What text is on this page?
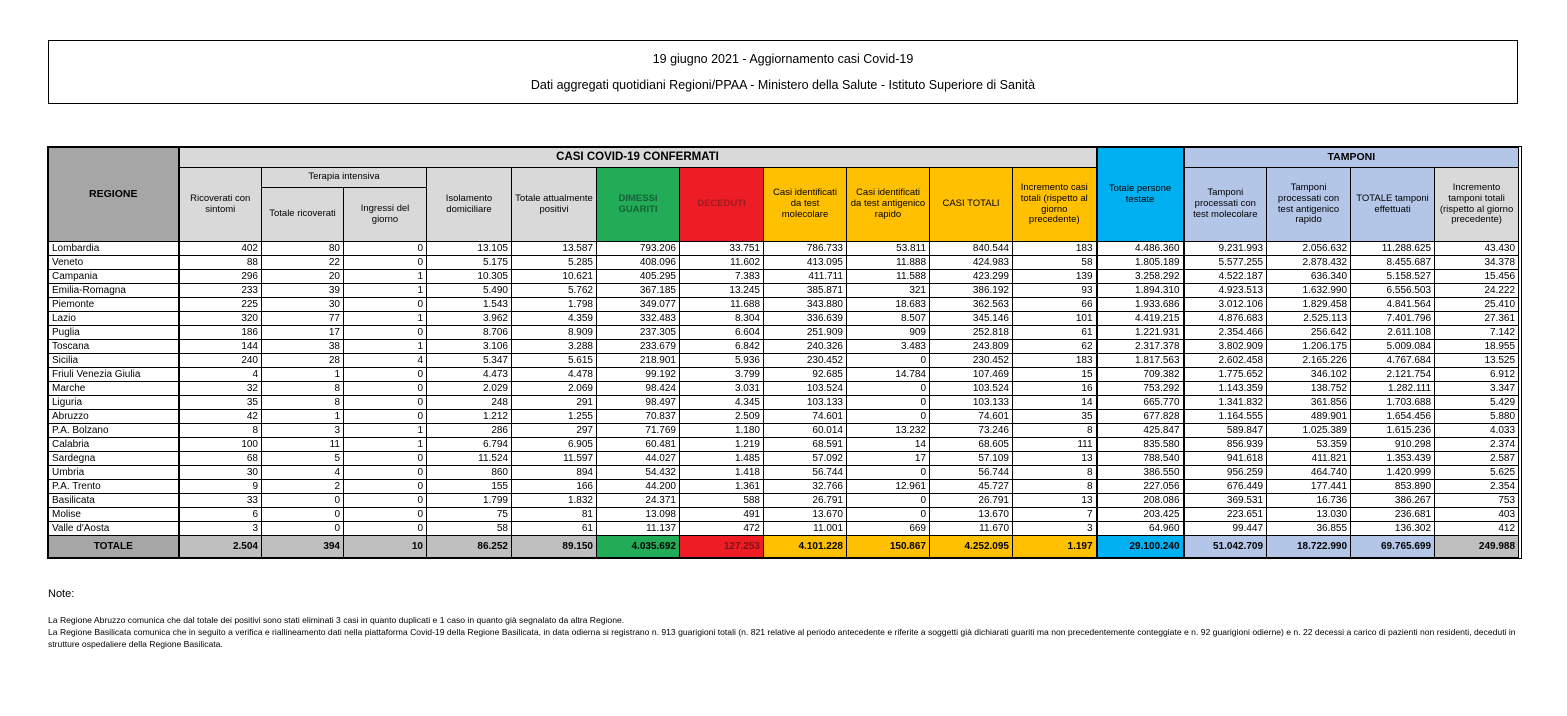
19 giugno 2021 - Aggiornamento casi Covid-19
Dati aggregati quotidiani Regioni/PPAA - Ministero della Salute - Istituto Superiore di Sanità
REGIONE	CASI COVID-19 CONFERMATI											Totale persone testate	TAMPONI			
	Ricoverati con sintomi	Terapia intensiva		Isolamento domiciliare	Totale attualmente positivi	DIMESSI GUARITI	DECEDUTI	Casi identificati da test molecolare	Casi identificati da test antigenico rapido	CASI TOTALI	Incremento casi totali (rispetto al giorno precedente)		Tamponi processati con test molecolare	Tamponi processati con test antigenico rapido	TOTALE tamponi effettuati	Incremento tamponi totali (rispetto al giorno precedente)
		Totale ricoverati	Ingressi del giorno													
Lombardia	402	80	0	13.105	13.587	793.206	33.751	786.733	53.811	840.544	183	4.486.360	9.231.993	2.056.632	11.288.625	43.430
Veneto	88	22	0	5.175	5.285	408.096	11.602	413.095	11.888	424.983	58	1.805.189	5.577.255	2.878.432	8.455.687	34.378
Campania	296	20	1	10.305	10.621	405.295	7.383	411.711	11.588	423.299	139	3.258.292	4.522.187	636.340	5.158.527	15.456
Emilia-Romagna	233	39	1	5.490	5.762	367.185	13.245	385.871	321	386.192	93	1.894.310	4.923.513	1.632.990	6.556.503	24.222
Piemonte	225	30	0	1.543	1.798	349.077	11.688	343.880	18.683	362.563	66	1.933.686	3.012.106	1.829.458	4.841.564	25.410
Lazio	320	77	1	3.962	4.359	332.483	8.304	336.639	8.507	345.146	101	4.419.215	4.876.683	2.525.113	7.401.796	27.361
Puglia	186	17	0	8.706	8.909	237.305	6.604	251.909	909	252.818	61	1.221.931	2.354.466	256.642	2.611.108	7.142
Toscana	144	38	1	3.106	3.288	233.679	6.842	240.326	3.483	243.809	62	2.317.378	3.802.909	1.206.175	5.009.084	18.955
Sicilia	240	28	4	5.347	5.615	218.901	5.936	230.452	0	230.452	183	1.817.563	2.602.458	2.165.226	4.767.684	13.525
Friuli Venezia Giulia	4	1	0	4.473	4.478	99.192	3.799	92.685	14.784	107.469	15	709.382	1.775.652	346.102	2.121.754	6.912
Marche	32	8	0	2.029	2.069	98.424	3.031	103.524	0	103.524	16	753.292	1.143.359	138.752	1.282.111	3.347
Liguria	35	8	0	248	291	98.497	4.345	103.133	0	103.133	14	665.770	1.341.832	361.856	1.703.688	5.429
Abruzzo	42	1	0	1.212	1.255	70.837	2.509	74.601	0	74.601	35	677.828	1.164.555	489.901	1.654.456	5.880
P.A. Bolzano	8	3	1	286	297	71.769	1.180	60.014	13.232	73.246	8	425.847	589.847	1.025.389	1.615.236	4.033
Calabria	100	11	1	6.794	6.905	60.481	1.219	68.591	14	68.605	111	835.580	856.939	53.359	910.298	2.374
Sardegna	68	5	0	11.524	11.597	44.027	1.485	57.092	17	57.109	13	788.540	941.618	411.821	1.353.439	2.587
Umbria	30	4	0	860	894	54.432	1.418	56.744	0	56.744	8	386.550	956.259	464.740	1.420.999	5.625
P.A. Trento	9	2	0	155	166	44.200	1.361	32.766	12.961	45.727	8	227.056	676.449	177.441	853.890	2.354
Basilicata	33	0	0	1.799	1.832	24.371	588	26.791	0	26.791	13	208.086	369.531	16.736	386.267	753
Molise	6	0	0	75	81	13.098	491	13.670	0	13.670	7	203.425	223.651	13.030	236.681	403
Valle d'Aosta	3	0	0	58	61	11.137	472	11.001	669	11.670	3	64.960	99.447	36.855	136.302	412
TOTALE	2.504	394	10	86.252	89.150	4.035.692	127.253	4.101.228	150.867	4.252.095	1.197	29.100.240	51.042.709	18.722.990	69.765.699	249.988
Note:
La Regione Abruzzo comunica che dal totale dei positivi sono stati eliminati 3 casi in quanto duplicati e 1 caso in quanto già segnalato da altra Regione.
La Regione Basilicata comunica che in seguito a verifica e riallineamento dati nella piattaforma Covid-19 della Regione Basilicata, in data odierna si registrano n. 913 guarigioni totali (n. 821 relative al periodo antecedente e riferite a soggetti già dichiarati guariti ma non precedentemente conteggiate e n. 92 guarigioni odierne) e n. 22 decessi a carico di pazienti non residenti, deceduti in strutture ospedaliere della Regione Basilicata.
